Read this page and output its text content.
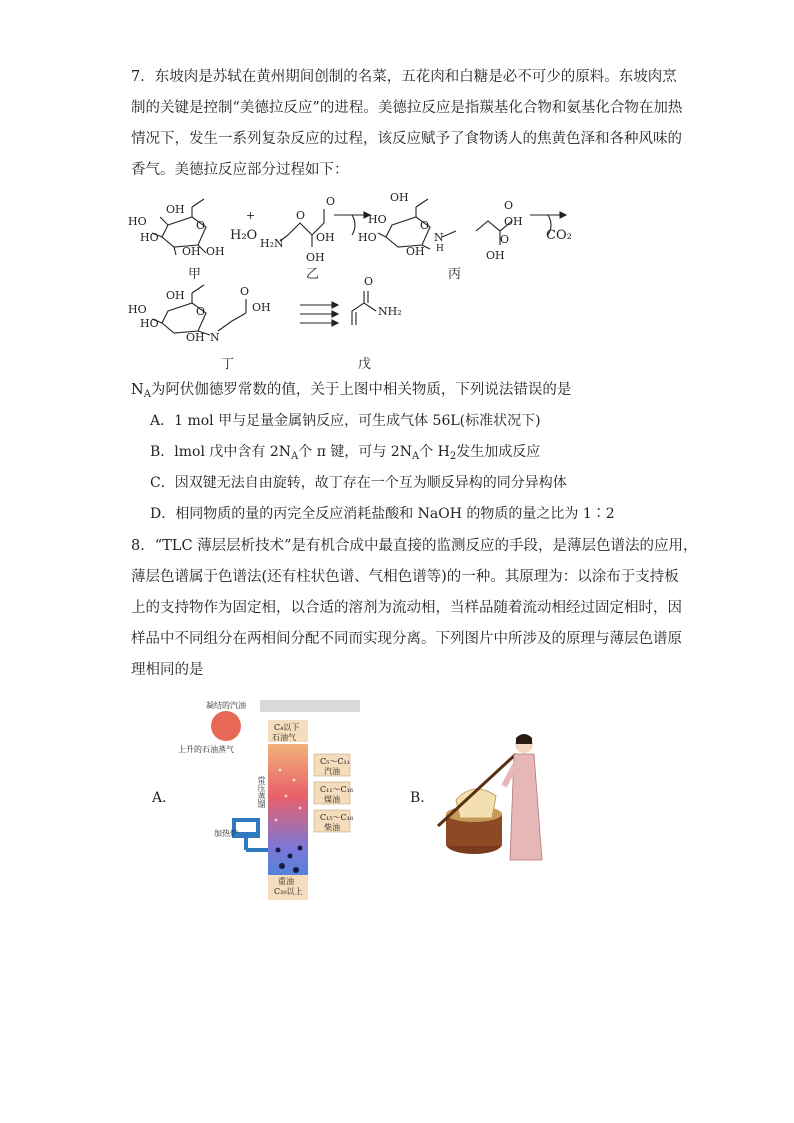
7．东坡肉是苏轼在黄州期间创制的名菜，五花肉和白糖是必不可少的原料。东坡肉烹
制的关键是控制“美德拉反应”的进程。美德拉反应是指羰基化合物和氨基化合物在加热
情况下，发生一系列复杂反应的过程，该反应赋予了食物诱人的焦黄色泽和各种风味的
香气。美德拉反应部分过程如下：
OH
HO
HO
OH OH
O
+
O
O
OH
H₂N
OH
OH
HO
HO
OH
O
N
H
OH
O
OH
O
OH
HO
HO
OH
O
N
OH
O
O
NH₂
H₂O	CO₂
甲	乙	丙
丁	戊
$N_A$为阿伏伽德罗常数的值，关于上图中相关物质，下列说法错误的是
A．1 mol 甲与足量金属钠反应，可生成气体 56L(标准状况下)
B．lmol 戊中含有 $2N_A$个 π 键，可与 $2N_A$个 $H_2$发生加成反应
C．因双键无法自由旋转，故丁存在一个互为顺反异构的同分异构体
D．相同物质的量的丙完全反应消耗盐酸和 NaOH 的物质的量之比为 1∶2
8．“TLC 薄层层析技术”是有机合成中最直接的监测反应的手段，是薄层色谱法的应用，
薄层色谱属于色谱法(还有柱状色谱、气相色谱等)的一种。其原理为：以涂布于支持板
上的支持物作为固定相，以合适的溶剂为流动相，当样品随着流动相经过固定相时，因
样品中不同组分在两相间分配不同而实现分离。下列图片中所涉及的原理与薄层色谱原
理相同的是
A．
凝结的汽油
上升的石油蒸气
C₄以下
石油气
常压蒸馏
C₅～C₁₁
汽油
C₁₁～C₁₆
煤油
C₁₅～C₁₈
柴油
加热炉
重油
C₂₀以上
B．
